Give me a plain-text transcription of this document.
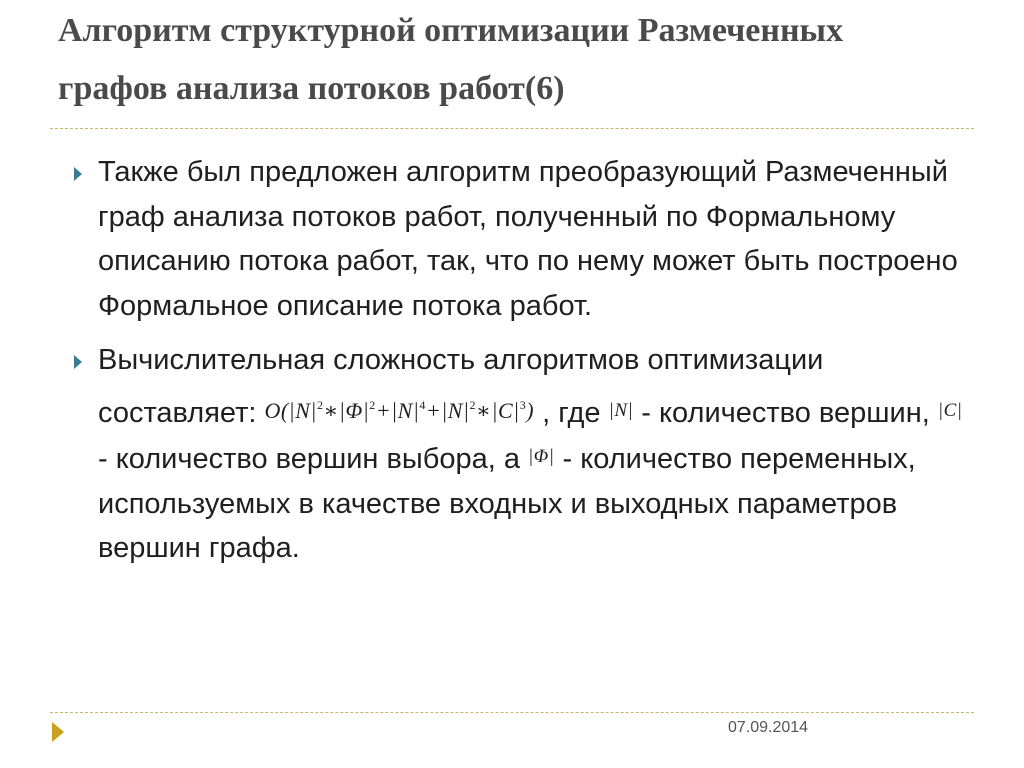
Алгоритм структурной оптимизации Размеченных графов анализа потоков работ(6)
Также был предложен алгоритм преобразующий Размеченный граф анализа потоков работ, полученный по Формальному описанию потока работ, так, что по нему может быть построено Формальное описание потока работ.
Вычислительная сложность алгоритмов оптимизации составляет: $O(|N|^2∗|\Phi|^2+|N|^4+|N|^2∗|C|^3)$ , где $^{|N|}$ - количество вершин, $^{|C|}$ - количество вершин выбора, а $^{|\Phi|}$ - количество переменных, используемых в качестве входных и выходных параметров вершин графа.
07.09.2014
